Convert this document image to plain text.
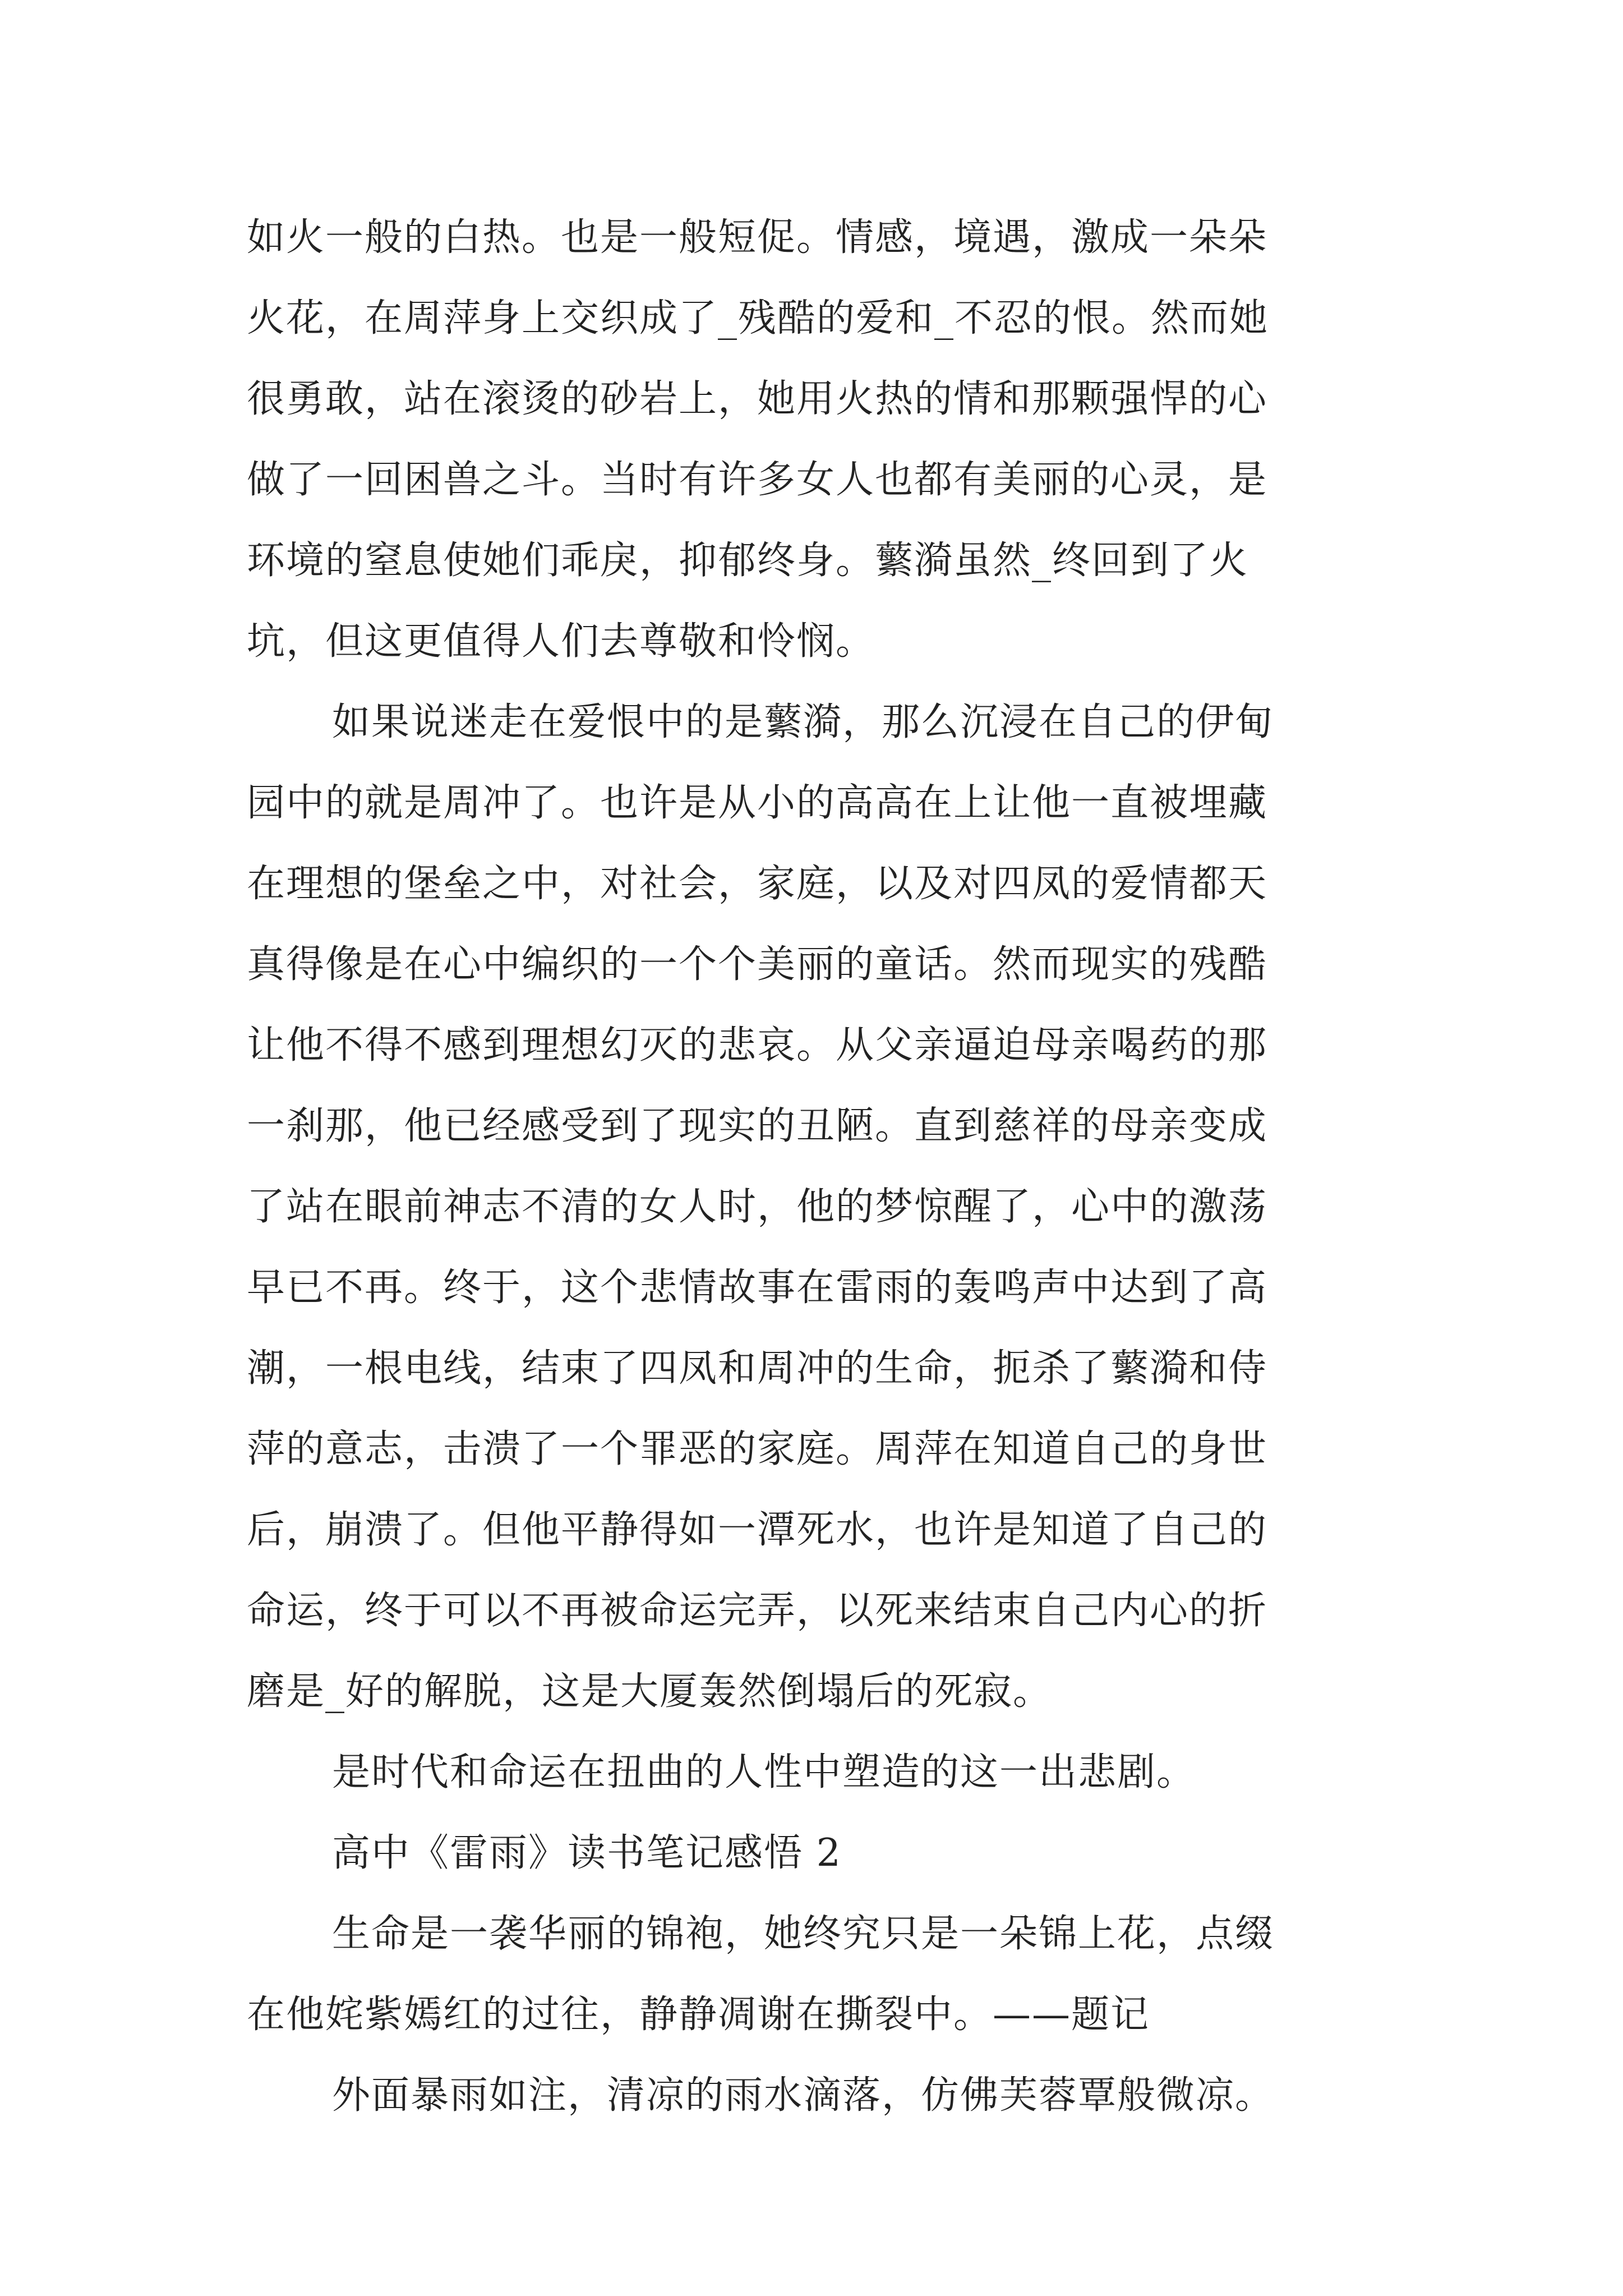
如火一般的白热。也是一般短促。情感，境遇，激成一朵朵
火花，在周萍身上交织成了_残酷的爱和_不忍的恨。然而她
很勇敢，站在滚烫的砂岩上，她用火热的情和那颗强悍的心
做了一回困兽之斗。当时有许多女人也都有美丽的心灵，是
环境的窒息使她们乖戾，抑郁终身。蘩漪虽然_终回到了火
坑，但这更值得人们去尊敬和怜悯。
如果说迷走在爱恨中的是蘩漪，那么沉浸在自己的伊甸
园中的就是周冲了。也许是从小的高高在上让他一直被埋藏
在理想的堡垒之中，对社会，家庭，以及对四凤的爱情都天
真得像是在心中编织的一个个美丽的童话。然而现实的残酷
让他不得不感到理想幻灭的悲哀。从父亲逼迫母亲喝药的那
一刹那，他已经感受到了现实的丑陋。直到慈祥的母亲变成
了站在眼前神志不清的女人时，他的梦惊醒了，心中的激荡
早已不再。终于，这个悲情故事在雷雨的轰鸣声中达到了高
潮，一根电线，结束了四凤和周冲的生命，扼杀了蘩漪和侍
萍的意志，击溃了一个罪恶的家庭。周萍在知道自己的身世
后，崩溃了。但他平静得如一潭死水，也许是知道了自己的
命运，终于可以不再被命运完弄，以死来结束自己内心的折
磨是_好的解脱，这是大厦轰然倒塌后的死寂。
是时代和命运在扭曲的人性中塑造的这一出悲剧。
高中《雷雨》读书笔记感悟 2
生命是一袭华丽的锦袍，她终究只是一朵锦上花，点缀
在他姹紫嫣红的过往，静静凋谢在撕裂中。——题记
外面暴雨如注，清凉的雨水滴落，仿佛芙蓉覃般微凉。
